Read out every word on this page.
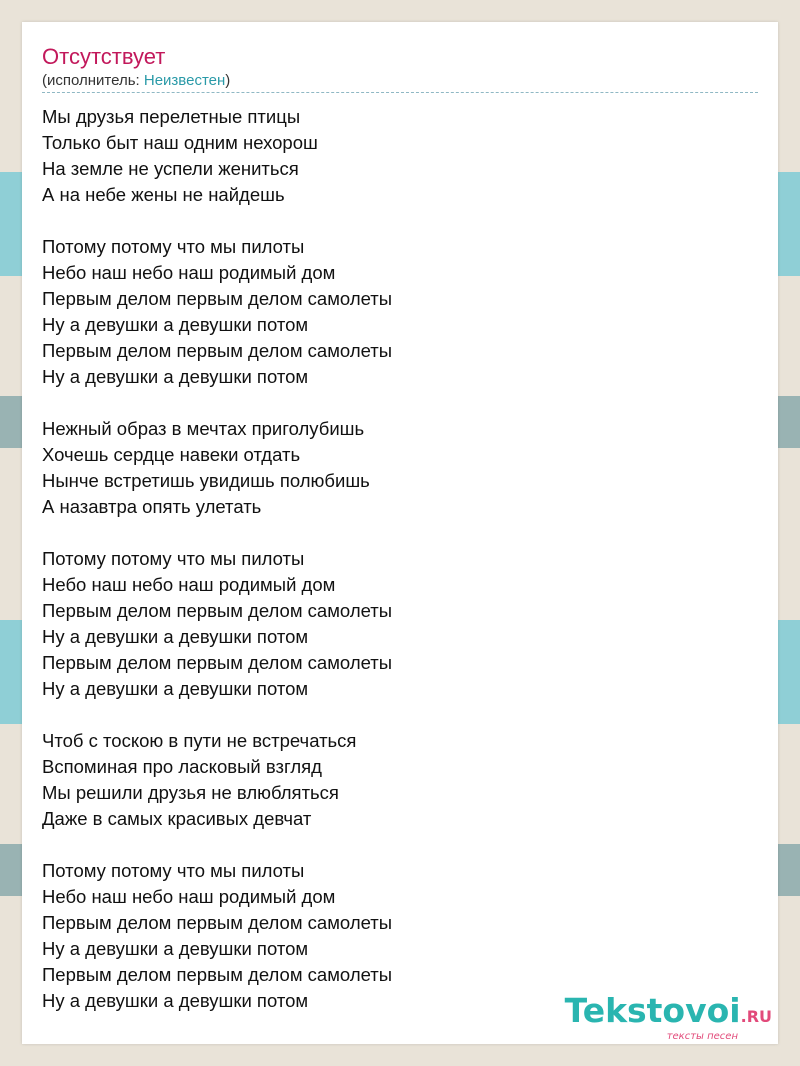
Отсутствует
(исполнитель: Неизвестен)
Мы друзья перелетные птицы
Только быт наш одним нехорош
На земле не успели жениться
А на небе жены не найдешь
Потому потому что мы пилоты
Небо наш небо наш родимый дом
Первым делом первым делом самолеты
Ну а девушки а девушки потом
Первым делом первым делом самолеты
Ну а девушки а девушки потом
Нежный образ в мечтах приголубишь
Хочешь сердце навеки отдать
Нынче встретишь увидишь полюбишь
А назавтра опять улетать
Потому потому что мы пилоты
Небо наш небо наш родимый дом
Первым делом первым делом самолеты
Ну а девушки а девушки потом
Первым делом первым делом самолеты
Ну а девушки а девушки потом
Чтоб с тоскою в пути не встречаться
Вспоминая про ласковый взгляд
Мы решили друзья не влюбляться
Даже в самых красивых девчат
Потому потому что мы пилоты
Небо наш небо наш родимый дом
Первым делом первым делом самолеты
Ну а девушки а девушки потом
Первым делом первым делом самолеты
Ну а девушки а девушки потом	Tekstovoi.RU
тексты песен
